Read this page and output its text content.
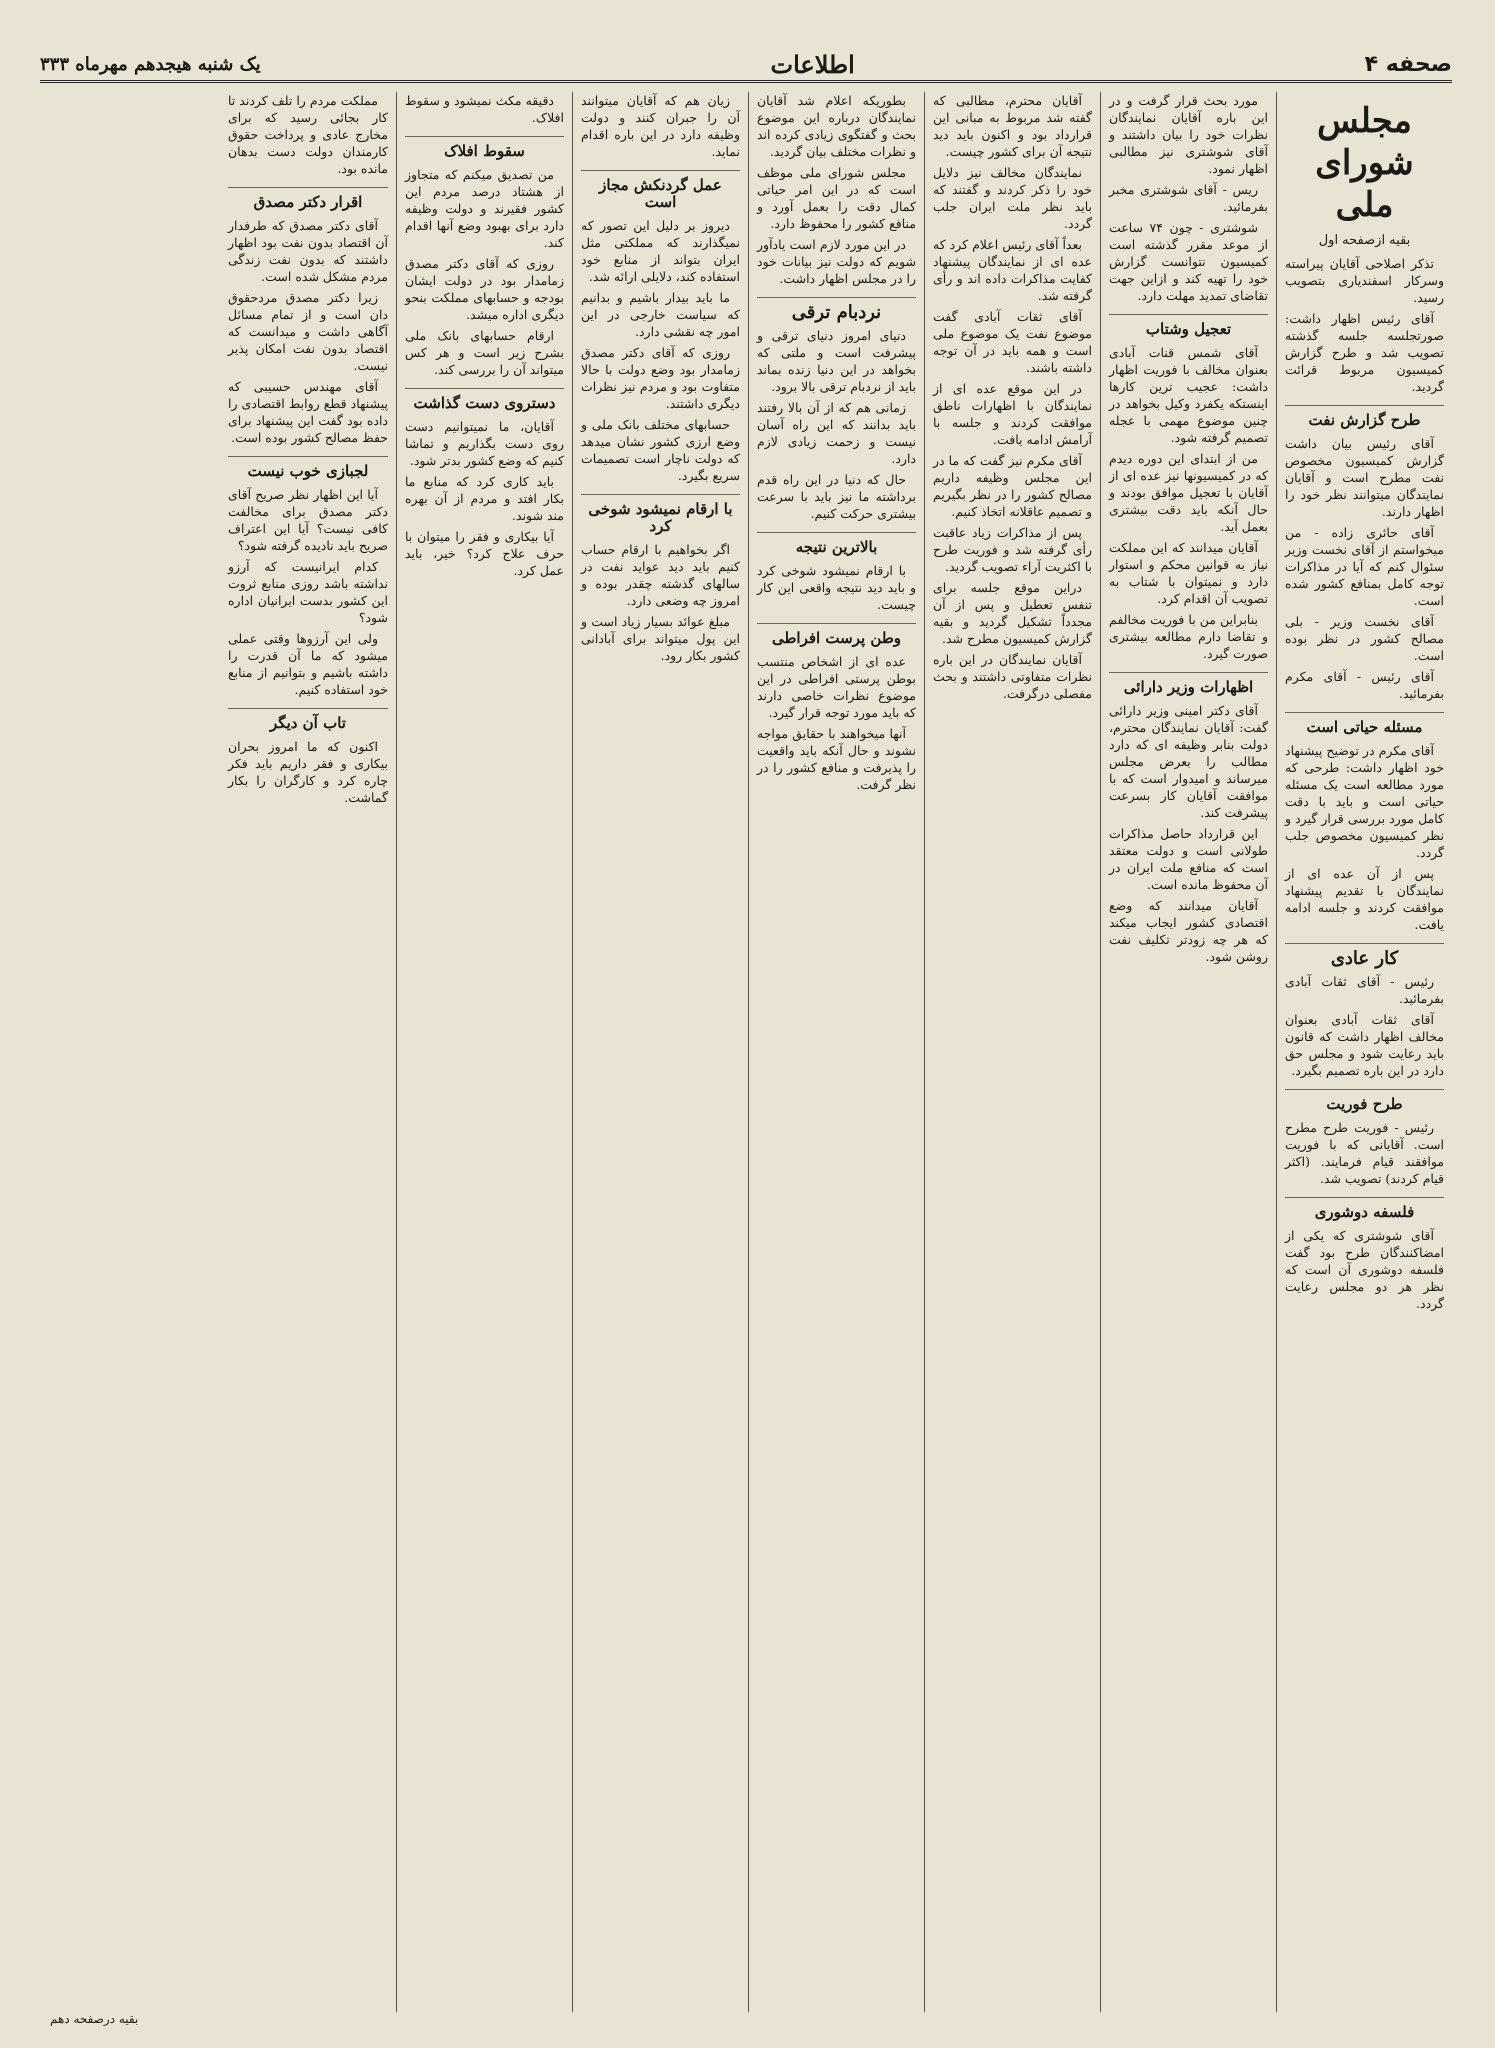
صحفه ۴
اطلاعات
یک شنبه هیجدهم مهرماه ۳۳۳
مجلس شورای ملی
بقیه ازصفحه اول

تذکر اصلاحی آقایان پیراسته وسرکار اسفندیاری بتصویب رسید.

آقای رئیس اظهار داشت: صورتجلسه جلسه گذشته تصویب شد و طرح گزارش کمیسیون مربوط قرائت گردید.

طرح گزارش نفت

آقای رئیس بیان داشت گزارش کمیسیون مخصوص نفت مطرح است و آقایان نمایندگان میتوانند نظر خود را اظهار دارند.

آقای حائری زاده - من میخواستم از آقای نخست وزیر سئوال کنم که آیا در مذاکرات توجه کامل بمنافع کشور شده است.

آقای نخست وزیر - بلی مصالح کشور در نظر بوده است.

آقای رئیس - آقای مکرم بفرمائید.

مسئله حیاتی است

آقای مکرم در توضیح پیشنهاد خود اظهار داشت: طرحی که مورد مطالعه است یک مسئله حیاتی است و باید با دقت کامل مورد بررسی قرار گیرد و نظر کمیسیون مخصوص جلب گردد.

پس از آن عده ای از نمایندگان با تقدیم پیشنهاد موافقت کردند و جلسه ادامه یافت.

کار عادی

رئیس - آقای ثقات آبادی بفرمائید.

آقای ثقات آبادی بعنوان مخالف اظهار داشت که قانون باید رعایت شود و مجلس حق دارد در این باره تصمیم بگیرد.

طرح فوریت

رئیس - فوریت طرح مطرح است. آقایانی که با فوریت موافقند قیام فرمایند. (اکثر قیام کردند) تصویب شد.

فلسفه دوشوری

آقای شوشتری که یکی از امضاکنندگان طرح بود گفت فلسفه دوشوری آن است که نظر هر دو مجلس رعایت گردد.

مورد بحث قرار گرفت و در این باره آقایان نمایندگان نظرات خود را بیان داشتند و آقای شوشتری نیز مطالبی اظهار نمود.

ریس - آقای شوشتری مخبر بفرمائید.

شوشتری - چون ۷۴ ساعت از موعد مقرر گذشته است کمیسیون نتوانست گزارش خود را تهیه کند و ازاین جهت تقاضای تمدید مهلت دارد.

تعجیل وشتاب

آقای شمس قنات آبادی بعنوان مخالف با فوریت اظهار داشت: عجیب ترین کارها اینستکه یکفرد وکیل بخواهد در چنین موضوع مهمی با عجله تصمیم گرفته شود.

من از ابتدای این دوره دیدم که در کمیسیونها نیز عده ای از آقایان با تعجیل موافق بودند و حال آنکه باید دقت بیشتری بعمل آید.

آقایان میدانند که این مملکت نیاز به قوانین محکم و استوار دارد و نمیتوان با شتاب به تصویب آن اقدام کرد.

بنابراین من با فوریت مخالفم و تقاضا دارم مطالعه بیشتری صورت گیرد.

اظهارات وزیر دارائی

آقای دکتر امینی وزیر دارائی گفت: آقایان نمایندگان محترم، دولت بنابر وظیفه ای که دارد مطالب را بعرض مجلس میرساند و امیدوار است که با موافقت آقایان کار بسرعت پیشرفت کند.

این قرارداد حاصل مذاکرات طولانی است و دولت معتقد است که منافع ملت ایران در آن محفوظ مانده است.

آقایان میدانند که وضع اقتصادی کشور ایجاب میکند که هر چه زودتر تکلیف نفت روشن شود.

آقایان محترم، مطالبی که گفته شد مربوط به مبانی این قرارداد بود و اکنون باید دید نتیجه آن برای کشور چیست.

نمایندگان مخالف نیز دلایل خود را ذکر کردند و گفتند که باید نظر ملت ایران جلب گردد.

بعداً آقای رئیس اعلام کرد که عده ای از نمایندگان پیشنهاد کفایت مذاکرات داده اند و رأی گرفته شد.

آقای ثقات آبادی گفت موضوع نفت یک موضوع ملی است و همه باید در آن توجه داشته باشند.

در این موقع عده ای از نمایندگان با اظهارات ناطق موافقت کردند و جلسه با آرامش ادامه یافت.

آقای مکرم نیز گفت که ما در این مجلس وظیفه داریم مصالح کشور را در نظر بگیریم و تصمیم عاقلانه اتخاذ کنیم.

پس از مذاکرات زیاد عاقبت رأی گرفته شد و فوریت طرح با اکثریت آراء تصویب گردید.

دراین موقع جلسه برای تنفس تعطیل و پس از آن مجدداً تشکیل گردید و بقیه گزارش کمیسیون مطرح شد.

آقایان نمایندگان در این باره نظرات متفاوتی داشتند و بحث مفصلی درگرفت.

بطوریکه اعلام شد آقایان نمایندگان درباره این موضوع بحث و گفتگوی زیادی کرده اند و نظرات مختلف بیان گردید.

مجلس شورای ملی موظف است که در این امر حیاتی کمال دقت را بعمل آورد و منافع کشور را محفوظ دارد.

در این مورد لازم است یادآور شویم که دولت نیز بیانات خود را در مجلس اظهار داشت.

نردبام ترقی

دنیای امروز دنیای ترقی و پیشرفت است و ملتی که بخواهد در این دنیا زنده بماند باید از نردبام ترقی بالا برود.

زمانی هم که از آن بالا رفتند باید بدانند که این راه آسان نیست و زحمت زیادی لازم دارد.

حال که دنیا در این راه قدم برداشته ما نیز باید با سرعت بیشتری حرکت کنیم.

بالاترین نتیجه

با ارقام نمیشود شوخی کرد و باید دید نتیجه واقعی این کار چیست.

وطن پرست افراطی

عده ای از اشخاص منتسب بوطن پرستی افراطی در این موضوع نظرات خاصی دارند که باید مورد توجه قرار گیرد.

آنها میخواهند با حقایق مواجه نشوند و حال آنکه باید واقعیت را پذیرفت و منافع کشور را در نظر گرفت.

زیان هم که آقایان میتوانند آن را جبران کنند و دولت وظیفه دارد در این باره اقدام نماید.

عمل گردنکش مجاز است

دیروز بر دلیل این تصور که نمیگذارند که مملکتی مثل ایران بتواند از منابع خود استفاده کند، دلایلی ارائه شد.

ما باید بیدار باشیم و بدانیم که سیاست خارجی در این امور چه نقشی دارد.

روزی که آقای دکتر مصدق زمامدار بود وضع دولت با حالا متفاوت بود و مردم نیز نظرات دیگری داشتند.

حسابهای مختلف بانک ملی و وضع ارزی کشور نشان میدهد که دولت ناچار است تصمیمات سریع بگیرد.

با ارقام نمیشود شوخی کرد

اگر بخواهیم با ارقام حساب کنیم باید دید عواید نفت در سالهای گذشته چقدر بوده و امروز چه وضعی دارد.

مبلغ عوائد بسیار زیاد است و این پول میتواند برای آبادانی کشور بکار رود.

دقیقه مکث نمیشود و سقوط افلاک.

سقوط افلاک

من تصدیق میکنم که متجاوز از هشتاد درصد مردم این کشور فقیرند و دولت وظیفه دارد برای بهبود وضع آنها اقدام کند.

روزی که آقای دکتر مصدق زمامدار بود در دولت ایشان بودجه و حسابهای مملکت بنحو دیگری اداره میشد.

ارقام حسابهای بانک ملی بشرح زیر است و هر کس میتواند آن را بررسی کند.

دستروی دست گذاشت

آقایان، ما نمیتوانیم دست روی دست بگذاریم و تماشا کنیم که وضع کشور بدتر شود.

باید کاری کرد که منابع ما بکار افتد و مردم از آن بهره مند شوند.

آیا بیکاری و فقر را میتوان با حرف علاج کرد؟ خیر، باید عمل کرد.

مملکت مردم را تلف کردند تا کار بجائی رسید که برای مخارج عادی و پرداخت حقوق کارمندان دولت دست بدهان مانده بود.

اقرار دکتر مصدق

آقای دکتر مصدق که طرفدار آن اقتصاد بدون نفت بود اظهار داشتند که بدون نفت زندگی مردم مشکل شده است.

زیرا دکتر مصدق مردحقوق دان است و از تمام مسائل آگاهی داشت و میدانست که اقتصاد بدون نفت امکان پذیر نیست.

آقای مهندس حسیبی که پیشنهاد قطع روابط اقتصادی را داده بود گفت این پیشنهاد برای حفظ مصالح کشور بوده است.

لجبازی خوب نیست

آیا این اظهار نظر صریح آقای دکتر مصدق برای مخالفت کافی نیست؟ آیا این اعتراف صریح باید نادیده گرفته شود؟

کدام ایرانیست که آرزو نداشته باشد روزی منابع ثروت این کشور بدست ایرانیان اداره شود؟

ولی این آرزوها وقتی عملی میشود که ما آن قدرت را داشته باشیم و بتوانیم از منابع خود استفاده کنیم.

تاب آن دیگر

اکنون که ما امروز بحران بیکاری و فقر داریم باید فکر چاره کرد و کارگران را بکار گماشت.

بقیه درصفحه دهم
